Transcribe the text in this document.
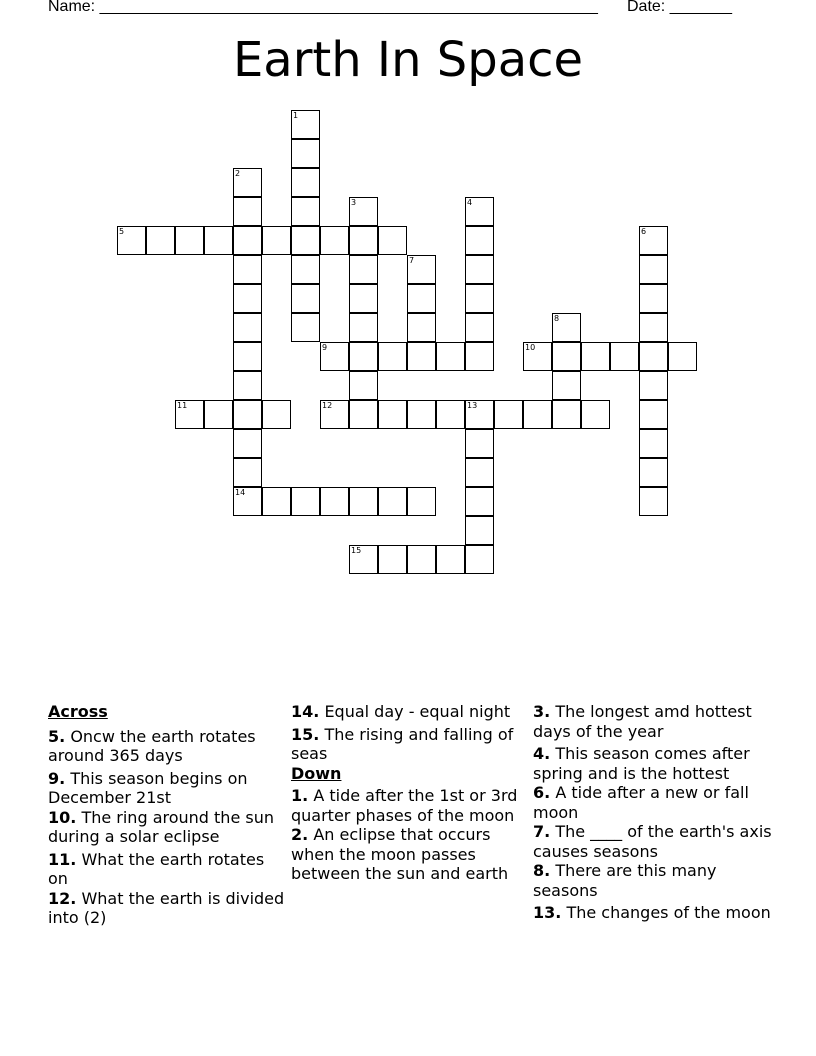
Name: ________________________________________________________ Date: _______
Earth In Space
1
2
3	4
5	6
7
8
9	10
11	12	13
14
15
Across
5. Oncw the earth rotates around 365 days
9. This season begins on December 21st
10. The ring around the sun during a solar eclipse
11. What the earth rotates on
12. What the earth is divided into (2)
14. Equal day - equal night
15. The rising and falling of seas
Down
1. A tide after the 1st or 3rd quarter phases of the moon
2. An eclipse that occurs when the moon passes between the sun and earth
3. The longest amd hottest days of the year
4. This season comes after spring and is the hottest
6. A tide after a new or fall moon
7. The ____ of the earth's axis causes seasons
8. There are this many seasons
13. The changes of the moon
